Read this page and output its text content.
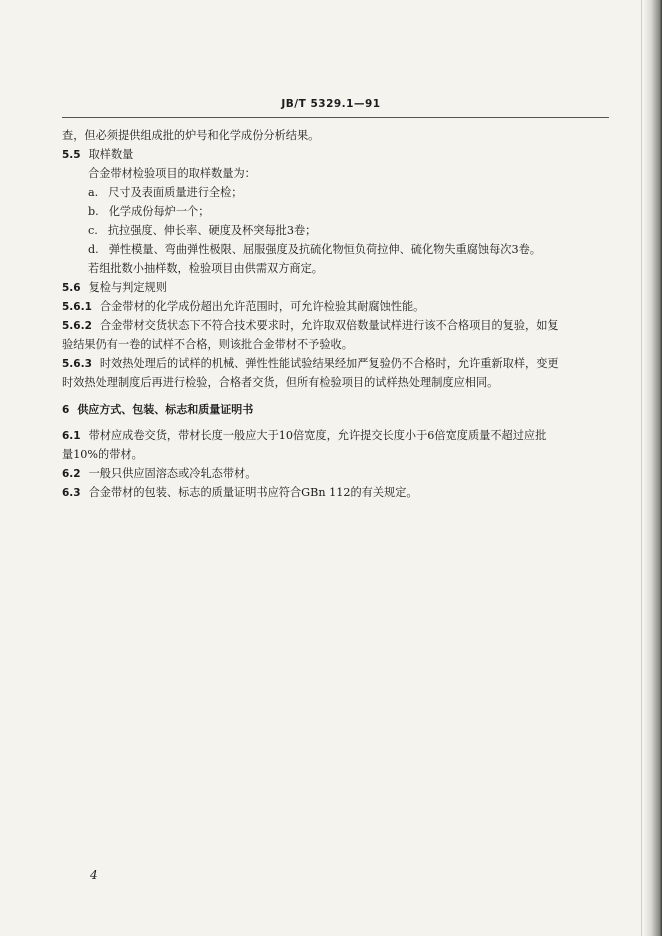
JB/T 5329.1—91
查，但必须提供组成批的炉号和化学成份分析结果。
5.5 取样数量
合金带材检验项目的取样数量为：
a. 尺寸及表面质量进行全检；
b. 化学成份每炉一个；
c. 抗拉强度、伸长率、硬度及杯突每批3卷；
d. 弹性模量、弯曲弹性极限、屈服强度及抗硫化物恒负荷拉伸、硫化物失重腐蚀每次3卷。
若组批数小抽样数，检验项目由供需双方商定。
5.6 复检与判定规则
5.6.1 合金带材的化学成份超出允许范围时，可允许检验其耐腐蚀性能。
5.6.2 合金带材交货状态下不符合技术要求时，允许取双倍数量试样进行该不合格项目的复验，如复
验结果仍有一卷的试样不合格，则该批合金带材不予验收。
5.6.3 时效热处理后的试样的机械、弹性性能试验结果经加严复验仍不合格时，允许重新取样，变更
时效热处理制度后再进行检验，合格者交货，但所有检验项目的试样热处理制度应相同。
6 供应方式、包装、标志和质量证明书
6.1 带材应成卷交货，带材长度一般应大于10倍宽度，允许提交长度小于6倍宽度质量不超过应批
量10%的带材。
6.2 一般只供应固溶态或冷轧态带材。
6.3 合金带材的包装、标志的质量证明书应符合GBn 112的有关规定。
4
